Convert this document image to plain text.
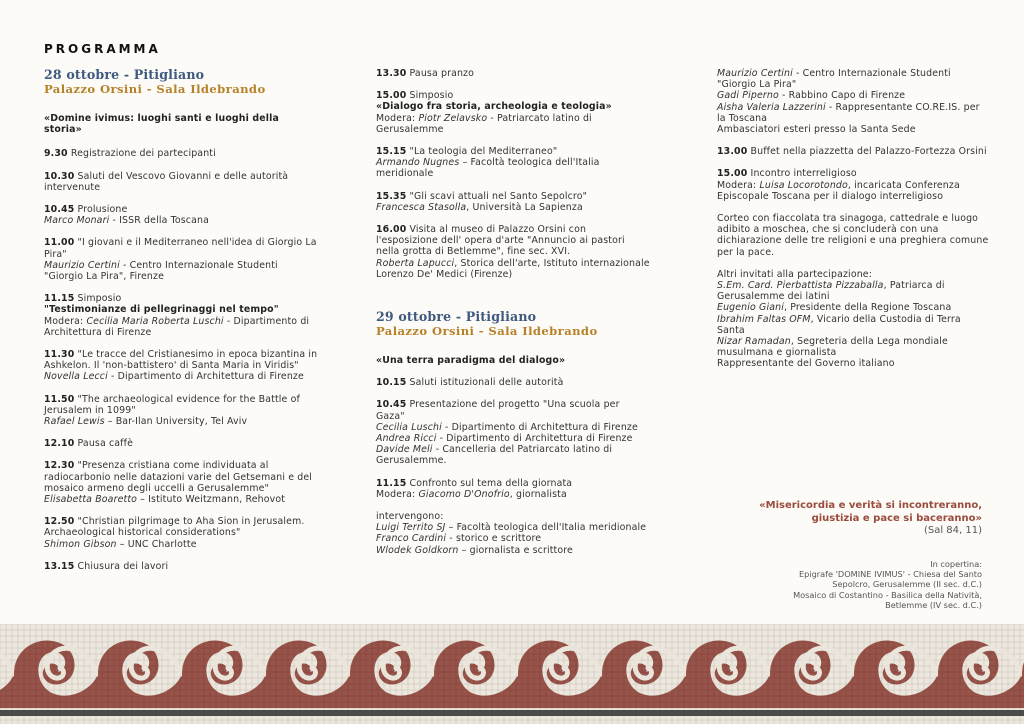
PROGRAMMA
28 ottobre - Pitigliano
Palazzo Orsini - Sala Ildebrando
«Domine ivimus: luoghi santi e luoghi della storia»
9.30 Registrazione dei partecipanti
10.30 Saluti del Vescovo Giovanni e delle autorità intervenute
10.45 Prolusione
Marco Monari - ISSR della Toscana
11.00 "I giovani e il Mediterraneo nell'idea di Giorgio La Pira"
Maurizio Certini - Centro Internazionale Studenti "Giorgio La Pira", Firenze
11.15 Simposio
"Testimonianze di pellegrinaggi nel tempo"
Modera: Cecilia Maria Roberta Luschi - Dipartimento di Architettura di Firenze
11.30 "Le tracce del Cristianesimo in epoca bizantina in Ashkelon. Il 'non-battistero' di Santa Maria in Viridis"
Novella Lecci - Dipartimento di Architettura di Firenze
11.50 "The archaeological evidence for the Battle of Jerusalem in 1099"
Rafael Lewis – Bar-Ilan University, Tel Aviv
12.10 Pausa caffè
12.30 "Presenza cristiana come individuata al radiocarbonio nelle datazioni varie del Getsemani e del mosaico armeno degli uccelli a Gerusalemme"
Elisabetta Boaretto – Istituto Weitzmann, Rehovot
12.50 "Christian pilgrimage to Aha Sion in Jerusalem. Archaeological historical considerations"
Shimon Gibson – UNC Charlotte
13.15 Chiusura dei lavori
13.30 Pausa pranzo
15.00 Simposio
«Dialogo fra storia, archeologia e teologia»
Modera: Piotr Zelavsko - Patriarcato latino di Gerusalemme
15.15 "La teologia del Mediterraneo"
Armando Nugnes – Facoltà teologica dell'Italia meridionale
15.35 "Gli scavi attuali nel Santo Sepolcro"
Francesca Stasolla, Università La Sapienza
16.00 Visita al museo di Palazzo Orsini con l'esposizione dell' opera d'arte "Annuncio ai pastori nella grotta di Betlemme", fine sec. XVI.
Roberta Lapucci, Storica dell'arte, Istituto internazionale Lorenzo De' Medici (Firenze)
29 ottobre - Pitigliano
Palazzo Orsini - Sala Ildebrando
«Una terra paradigma del dialogo»
10.15 Saluti istituzionali delle autorità
10.45 Presentazione del progetto "Una scuola per Gaza"
Cecilia Luschi - Dipartimento di Architettura di Firenze
Andrea Ricci - Dipartimento di Architettura di Firenze
Davide Meli - Cancelleria del Patriarcato latino di Gerusalemme.
11.15 Confronto sul tema della giornata
Modera: Giacomo D'Onofrio, giornalista
intervengono:
Luigi Territo SJ – Facoltà teologica dell'Italia meridionale
Franco Cardini - storico e scrittore
Wlodek Goldkorn – giornalista e scrittore
Maurizio Certini - Centro Internazionale Studenti "Giorgio La Pira"
Gadi Piperno - Rabbino Capo di Firenze
Aisha Valeria Lazzerini - Rappresentante CO.RE.IS. per la Toscana
Ambasciatori esteri presso la Santa Sede
13.00 Buffet nella piazzetta del Palazzo-Fortezza Orsini
15.00 Incontro interreligioso
Modera: Luisa Locorotondo, incaricata Conferenza Episcopale Toscana per il dialogo interreligioso
Corteo con fiaccolata tra sinagoga, cattedrale e luogo adibito a moschea, che si concluderà con una dichiarazione delle tre religioni e una preghiera comune per la pace.
Altri invitati alla partecipazione:
S.Em. Card. Pierbattista Pizzaballa, Patriarca di Gerusalemme dei latini
Eugenio Giani, Presidente della Regione Toscana
Ibrahim Faltas OFM, Vicario della Custodia di Terra Santa
Nizar Ramadan, Segreteria della Lega mondiale musulmana e giornalista
Rappresentante del Governo italiano
«Misericordia e verità si incontreranno,
giustizia e pace si baceranno»
(Sal 84, 11)
In copertina:
Epigrafe 'DOMINE IVIMUS' - Chiesa del Santo
Sepolcro, Gerusalemme (II sec. d.C.)
Mosaico di Costantino - Basilica della Natività,
Betlemme (IV sec. d.C.)
